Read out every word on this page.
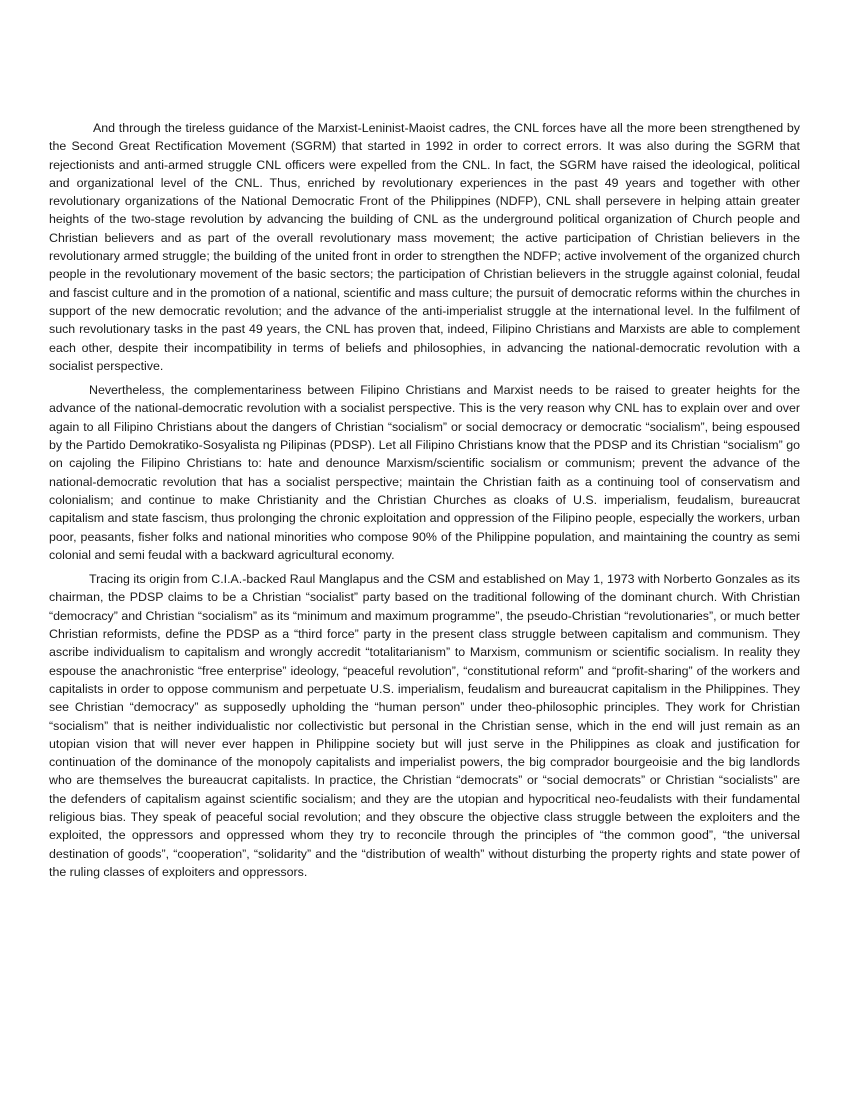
And through the tireless guidance of the Marxist-Leninist-Maoist cadres, the CNL forces have all the more been strengthened by the Second Great Rectification Movement (SGRM) that started in 1992 in order to correct errors. It was also during the SGRM that rejectionists and anti-armed struggle CNL officers were expelled from the CNL. In fact, the SGRM have raised the ideological, political and organizational level of the CNL. Thus, enriched by revolutionary experiences in the past 49 years and together with other revolutionary organizations of the National Democratic Front of the Philippines (NDFP), CNL shall persevere in helping attain greater heights of the two-stage revolution by advancing the building of CNL as the underground political organization of Church people and Christian believers and as part of the overall revolutionary mass movement; the active participation of Christian believers in the revolutionary armed struggle; the building of the united front in order to strengthen the NDFP; active involvement of the organized church people in the revolutionary movement of the basic sectors; the participation of Christian believers in the struggle against colonial, feudal and fascist culture and in the promotion of a national, scientific and mass culture; the pursuit of democratic reforms within the churches in support of the new democratic revolution; and the advance of the anti-imperialist struggle at the international level. In the fulfilment of such revolutionary tasks in the past 49 years, the CNL has proven that, indeed, Filipino Christians and Marxists are able to complement each other, despite their incompatibility in terms of beliefs and philosophies, in advancing the national-democratic revolution with a socialist perspective.

Nevertheless, the complementariness between Filipino Christians and Marxist needs to be raised to greater heights for the advance of the national-democratic revolution with a socialist perspective. This is the very reason why CNL has to explain over and over again to all Filipino Christians about the dangers of Christian “socialism” or social democracy or democratic “socialism”, being espoused by the Partido Demokratiko-Sosyalista ng Pilipinas (PDSP). Let all Filipino Christians know that the PDSP and its Christian “socialism” go on cajoling the Filipino Christians to: hate and denounce Marxism/scientific socialism or communism; prevent the advance of the national-democratic revolution that has a socialist perspective; maintain the Christian faith as a continuing tool of conservatism and colonialism; and continue to make Christianity and the Christian Churches as cloaks of U.S. imperialism, feudalism, bureaucrat capitalism and state fascism, thus prolonging the chronic exploitation and oppression of the Filipino people, especially the workers, urban poor, peasants, fisher folks and national minorities who compose 90% of the Philippine population, and maintaining the country as semi colonial and semi feudal with a backward agricultural economy.

Tracing its origin from C.I.A.-backed Raul Manglapus and the CSM and established on May 1, 1973 with Norberto Gonzales as its chairman, the PDSP claims to be a Christian “socialist” party based on the traditional following of the dominant church. With Christian “democracy” and Christian “socialism” as its “minimum and maximum programme”, the pseudo-Christian “revolutionaries”, or much better Christian reformists, define the PDSP as a “third force” party in the present class struggle between capitalism and communism. They ascribe individualism to capitalism and wrongly accredit “totalitarianism” to Marxism, communism or scientific socialism. In reality they espouse the anachronistic “free enterprise” ideology, “peaceful revolution”, “constitutional reform” and “profit-sharing” of the workers and capitalists in order to oppose communism and perpetuate U.S. imperialism, feudalism and bureaucrat capitalism in the Philippines. They see Christian “democracy” as supposedly upholding the “human person” under theo-philosophic principles. They work for Christian “socialism” that is neither individualistic nor collectivistic but personal in the Christian sense, which in the end will just remain as an utopian vision that will never ever happen in Philippine society but will just serve in the Philippines as cloak and justification for continuation of the dominance of the monopoly capitalists and imperialist powers, the big comprador bourgeoisie and the big landlords who are themselves the bureaucrat capitalists. In practice, the Christian “democrats” or “social democrats” or Christian “socialists” are the defenders of capitalism against scientific socialism; and they are the utopian and hypocritical neo-feudalists with their fundamental religious bias. They speak of peaceful social revolution; and they obscure the objective class struggle between the exploiters and the exploited, the oppressors and oppressed whom they try to reconcile through the principles of “the common good”, “the universal destination of goods”, “cooperation”, “solidarity” and the “distribution of wealth” without disturbing the property rights and state power of the ruling classes of exploiters and oppressors.
